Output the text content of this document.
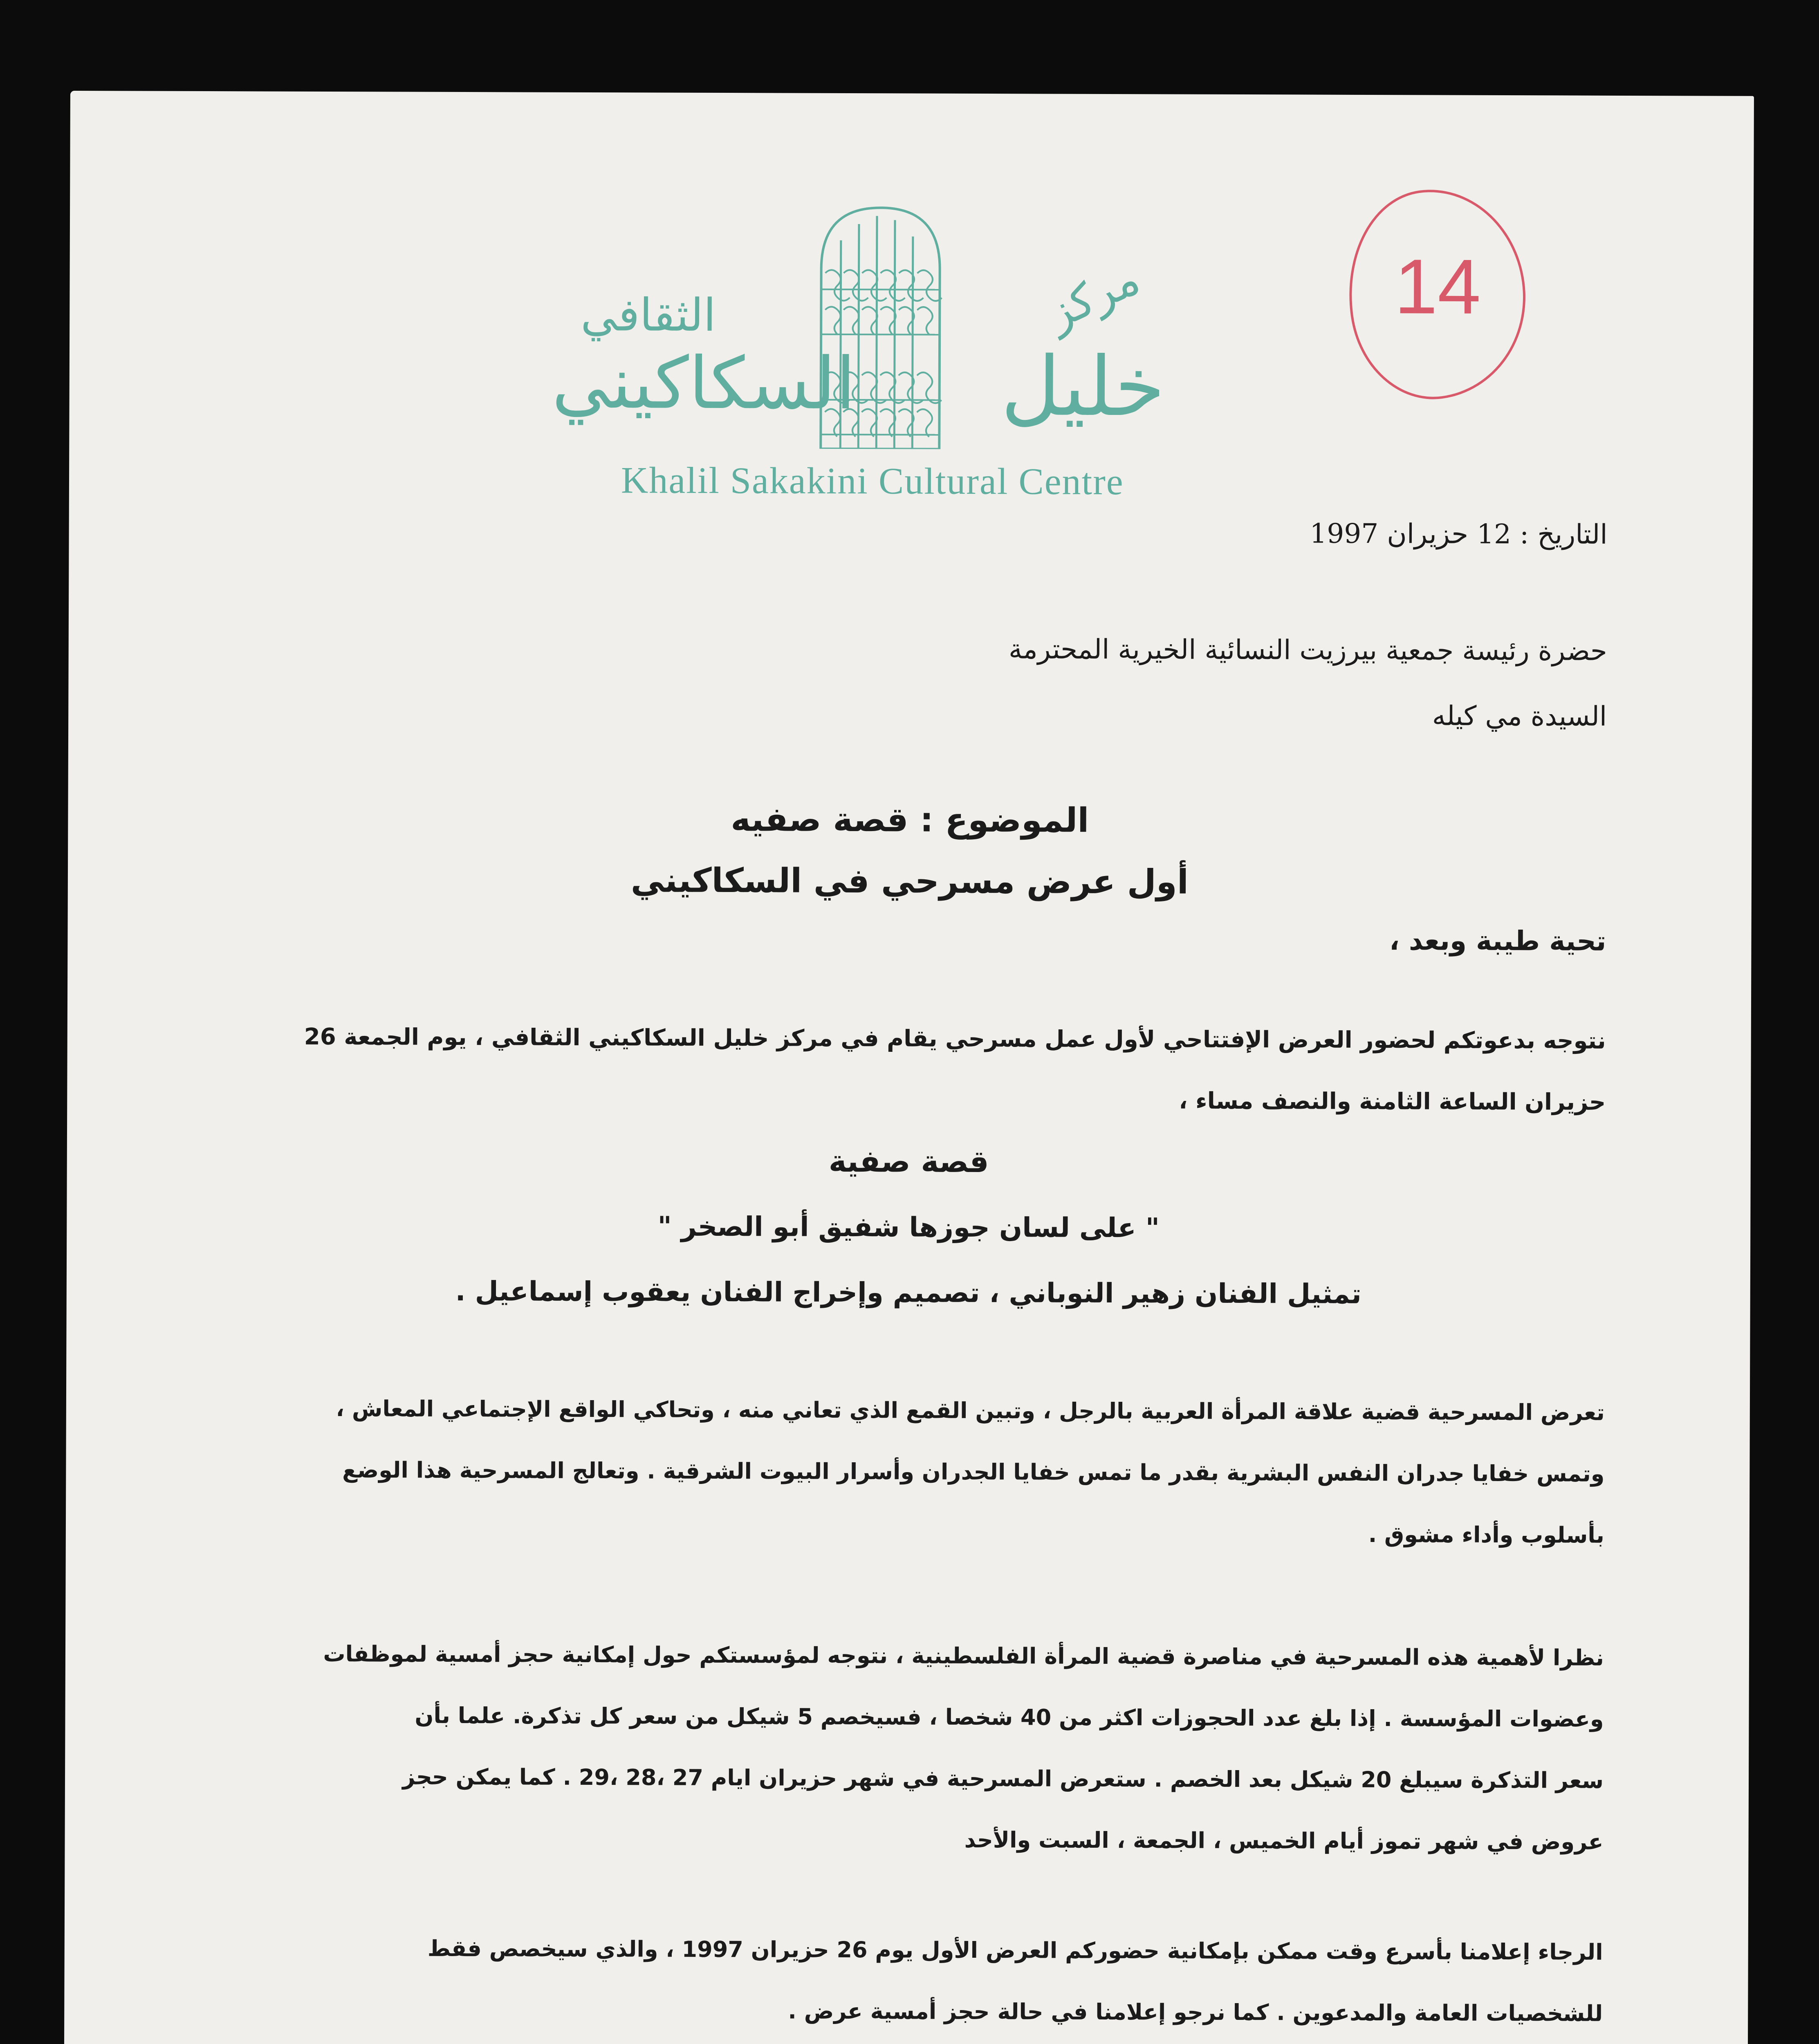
مركز
خليل
السكاكيني
الثقافي
Khalil Sakakini Cultural Centre
14
التاريخ : 12 حزيران 1997
حضرة رئيسة جمعية بيرزيت النسائية الخيرية المحترمة
السيدة مي كيله
الموضوع : قصة صفيه
أول عرض مسرحي في السكاكيني
تحية طيبة وبعد ،
نتوجه بدعوتكم لحضور العرض الإفتتاحي لأول عمل مسرحي يقام في مركز خليل السكاكيني الثقافي ، يوم الجمعة 26
حزيران الساعة الثامنة والنصف مساء ،
قصة صفية
" على لسان جوزها شفيق أبو الصخر "
تمثيل الفنان زهير النوباني ، تصميم وإخراج الفنان يعقوب إسماعيل .
تعرض المسرحية قضية علاقة المرأة العربية بالرجل ، وتبين القمع الذي تعاني منه ، وتحاكي الواقع الإجتماعي المعاش ،
وتمس خفايا جدران النفس البشرية بقدر ما تمس خفايا الجدران وأسرار البيوت الشرقية . وتعالج المسرحية هذا الوضع
بأسلوب وأداء مشوق .
نظرا لأهمية هذه المسرحية في مناصرة قضية المرأة الفلسطينية ، نتوجه لمؤسستكم حول إمكانية حجز أمسية لموظفات
وعضوات المؤسسة . إذا بلغ عدد الحجوزات اكثر من 40 شخصا ، فسيخصم 5 شيكل من سعر كل تذكرة. علما بأن
سعر التذكرة سيبلغ 20 شيكل بعد الخصم . ستعرض المسرحية في شهر حزيران ايام 27 ،28 ،29 . كما يمكن حجز
عروض في شهر تموز أيام الخميس ، الجمعة ، السبت والأحد
الرجاء إعلامنا بأسرع وقت ممكن بإمكانية حضوركم العرض الأول يوم 26 حزيران 1997 ، والذي سيخصص فقط
للشخصيات العامة والمدعوين . كما نرجو إعلامنا في حالة حجز أمسية عرض .
